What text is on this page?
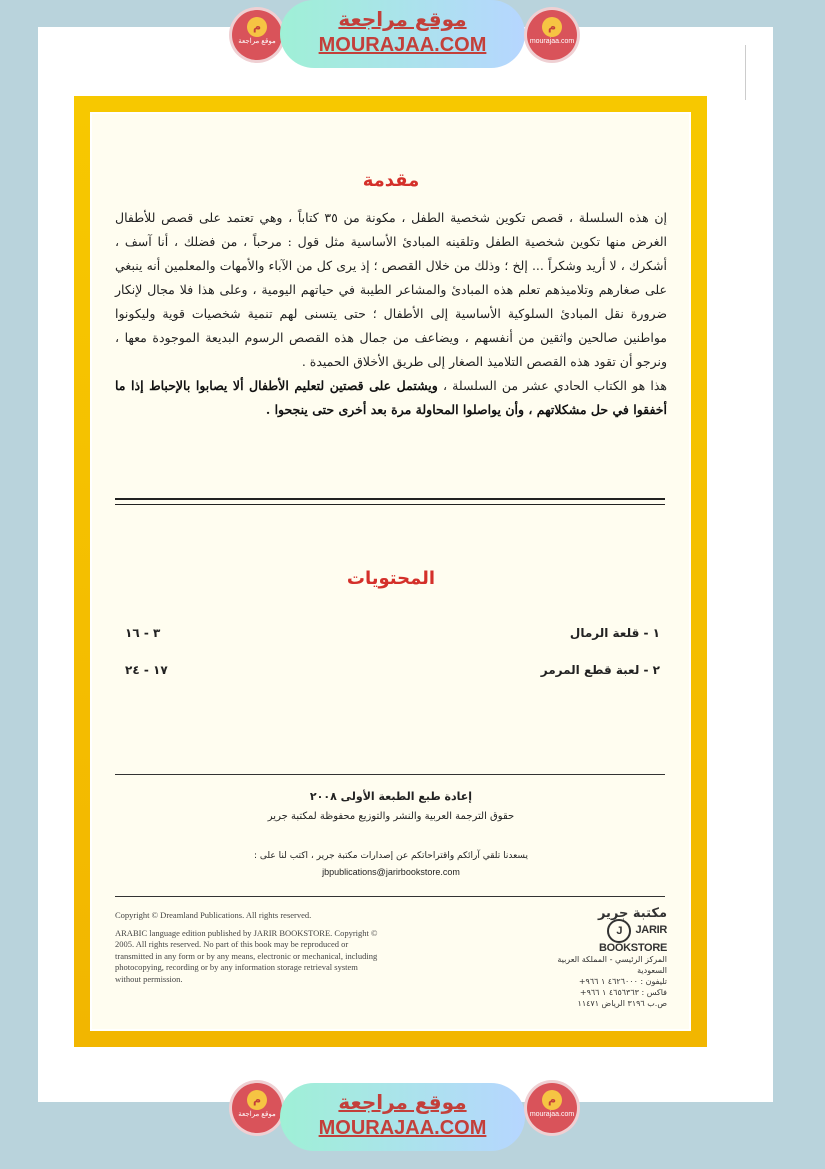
م
موقع مراجعة
موقع مراجعة
MOURAJAA.COM
م
mourajaa.com
مقدمة

إن هذه السلسلة ، قصص تكوين شخصية الطفل ، مكونة من ٣٥ كتاباً ، وهي تعتمد على قصص للأطفال الغرض منها تكوين شخصية الطفل وتلقينه المبادئ الأساسية مثل قول : مرحباً ، من فضلك ، أنا آسف ، أشكرك ، لا أريد وشكراً ... إلخ ؛ وذلك من خلال القصص ؛ إذ يرى كل من الآباء والأمهات والمعلمين أنه ينبغي على صغارهم وتلاميذهم تعلم هذه المبادئ والمشاعر الطيبة في حياتهم اليومية ، وعلى هذا فلا مجال لإنكار ضرورة نقل المبادئ السلوكية الأساسية إلى الأطفال ؛ حتى يتسنى لهم تنمية شخصيات قوية وليكونوا مواطنين صالحين واثقين من أنفسهم ، ويضاعف من جمال هذه القصص الرسوم البديعة الموجودة معها ، ونرجو أن تقود هذه القصص التلاميذ الصغار إلى طريق الأخلاق الحميدة .

هذا هو الكتاب الحادي عشر من السلسلة ، ويشتمل على قصتين لتعليم الأطفال ألا يصابوا بالإحباط إذا ما أخفقوا في حل مشكلاتهم ، وأن يواصلوا المحاولة مرة بعد أخرى حتى ينجحوا .

المحتويات
١ - قلعة الرمال
٣ - ١٦
٢ - لعبة قطع المرمر
١٧ - ٢٤
إعادة طبع الطبعة الأولى ٢٠٠٨
حقوق الترجمة العربية والنشر والتوزيع محفوظة لمكتبة جرير
يسعدنا تلقي آرائكم واقتراحاتكم عن إصدارات مكتبة جرير ، اكتب لنا على :
jbpublications@jarirbookstore.com

Copyright © Dreamland Publications. All rights reserved.

ARABIC language edition published by JARIR BOOKSTORE. Copyright © 2005. All rights reserved. No part of this book may be reproduced or transmitted in any form or by any means, electronic or mechanical, including photocopying, recording or by any information storage retrieval system without permission.

مكتبة جرير
J JARIR BOOKSTORE
المركز الرئيسي - المملكة العربية السعودية
تليفون : ٤٦٢٦٠٠٠ ١ ٩٦٦+
فاكس : ٤٦٥٦٣٦٣ ١ ٩٦٦+
ص.ب ٣١٩٦ الرياض ١١٤٧١
م
موقع مراجعة
موقع مراجعة
MOURAJAA.COM
م
mourajaa.com
